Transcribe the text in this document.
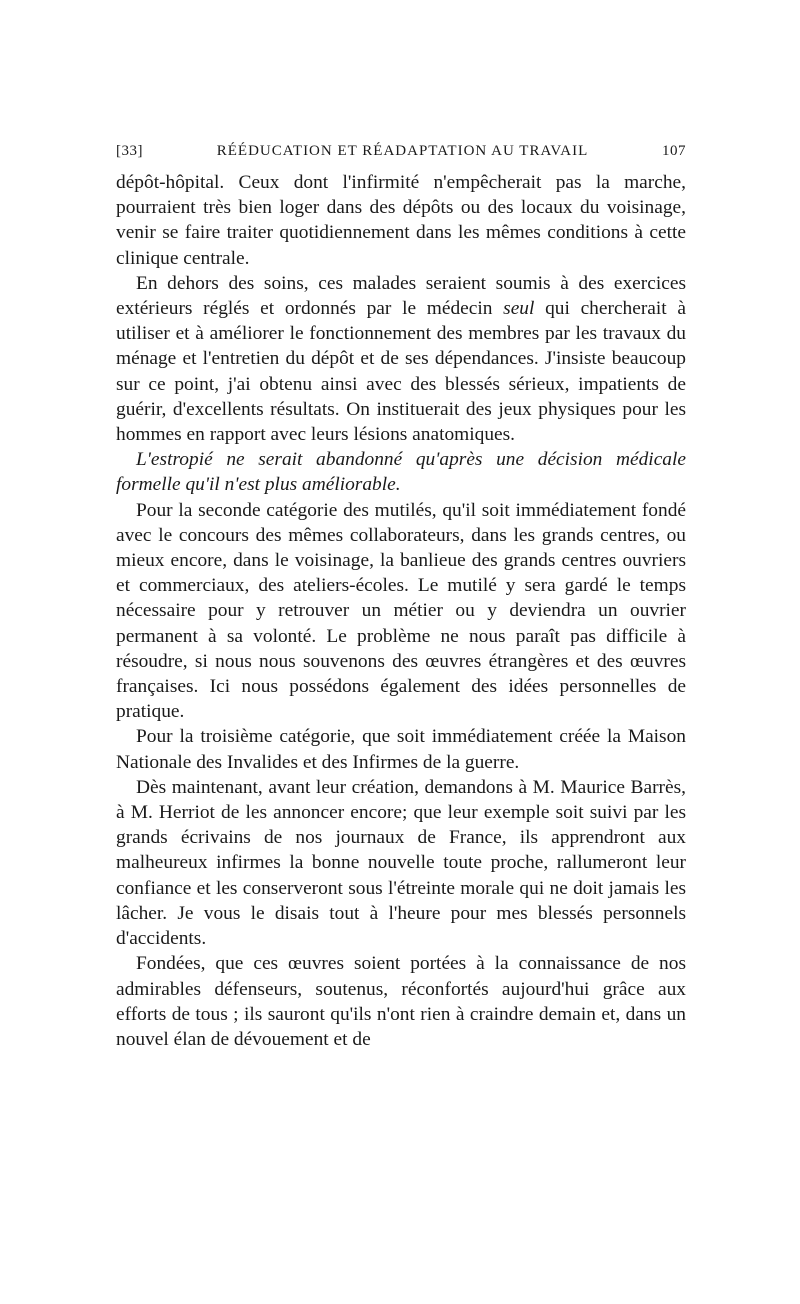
[33]	RÉÉDUCATION ET RÉADAPTATION AU TRAVAIL	107

dépôt-hôpital. Ceux dont l'infirmité n'empêcherait pas la marche, pourraient très bien loger dans des dépôts ou des locaux du voisinage, venir se faire traiter quotidiennement dans les mêmes conditions à cette clinique centrale.

En dehors des soins, ces malades seraient soumis à des exercices extérieurs réglés et ordonnés par le médecin seul qui chercherait à utiliser et à améliorer le fonctionnement des membres par les travaux du ménage et l'entretien du dépôt et de ses dépendances. J'insiste beaucoup sur ce point, j'ai obtenu ainsi avec des blessés sérieux, impatients de guérir, d'excellents résultats. On instituerait des jeux physiques pour les hommes en rapport avec leurs lésions anatomiques.

L'estropié ne serait abandonné qu'après une décision médicale formelle qu'il n'est plus améliorable.

Pour la seconde catégorie des mutilés, qu'il soit immédiatement fondé avec le concours des mêmes collaborateurs, dans les grands centres, ou mieux encore, dans le voisinage, la banlieue des grands centres ouvriers et commerciaux, des ateliers-écoles. Le mutilé y sera gardé le temps nécessaire pour y retrouver un métier ou y deviendra un ouvrier permanent à sa volonté. Le problème ne nous paraît pas difficile à résoudre, si nous nous souvenons des œuvres étrangères et des œuvres françaises. Ici nous possédons également des idées personnelles de pratique.

Pour la troisième catégorie, que soit immédiatement créée la Maison Nationale des Invalides et des Infirmes de la guerre.

Dès maintenant, avant leur création, demandons à M. Maurice Barrès, à M. Herriot de les annoncer encore; que leur exemple soit suivi par les grands écrivains de nos journaux de France, ils apprendront aux malheureux infirmes la bonne nouvelle toute proche, rallumeront leur confiance et les conserveront sous l'étreinte morale qui ne doit jamais les lâcher. Je vous le disais tout à l'heure pour mes blessés personnels d'accidents.

Fondées, que ces œuvres soient portées à la connaissance de nos admirables défenseurs, soutenus, réconfortés aujourd'hui grâce aux efforts de tous ; ils sauront qu'ils n'ont rien à craindre demain et, dans un nouvel élan de dévouement et de
